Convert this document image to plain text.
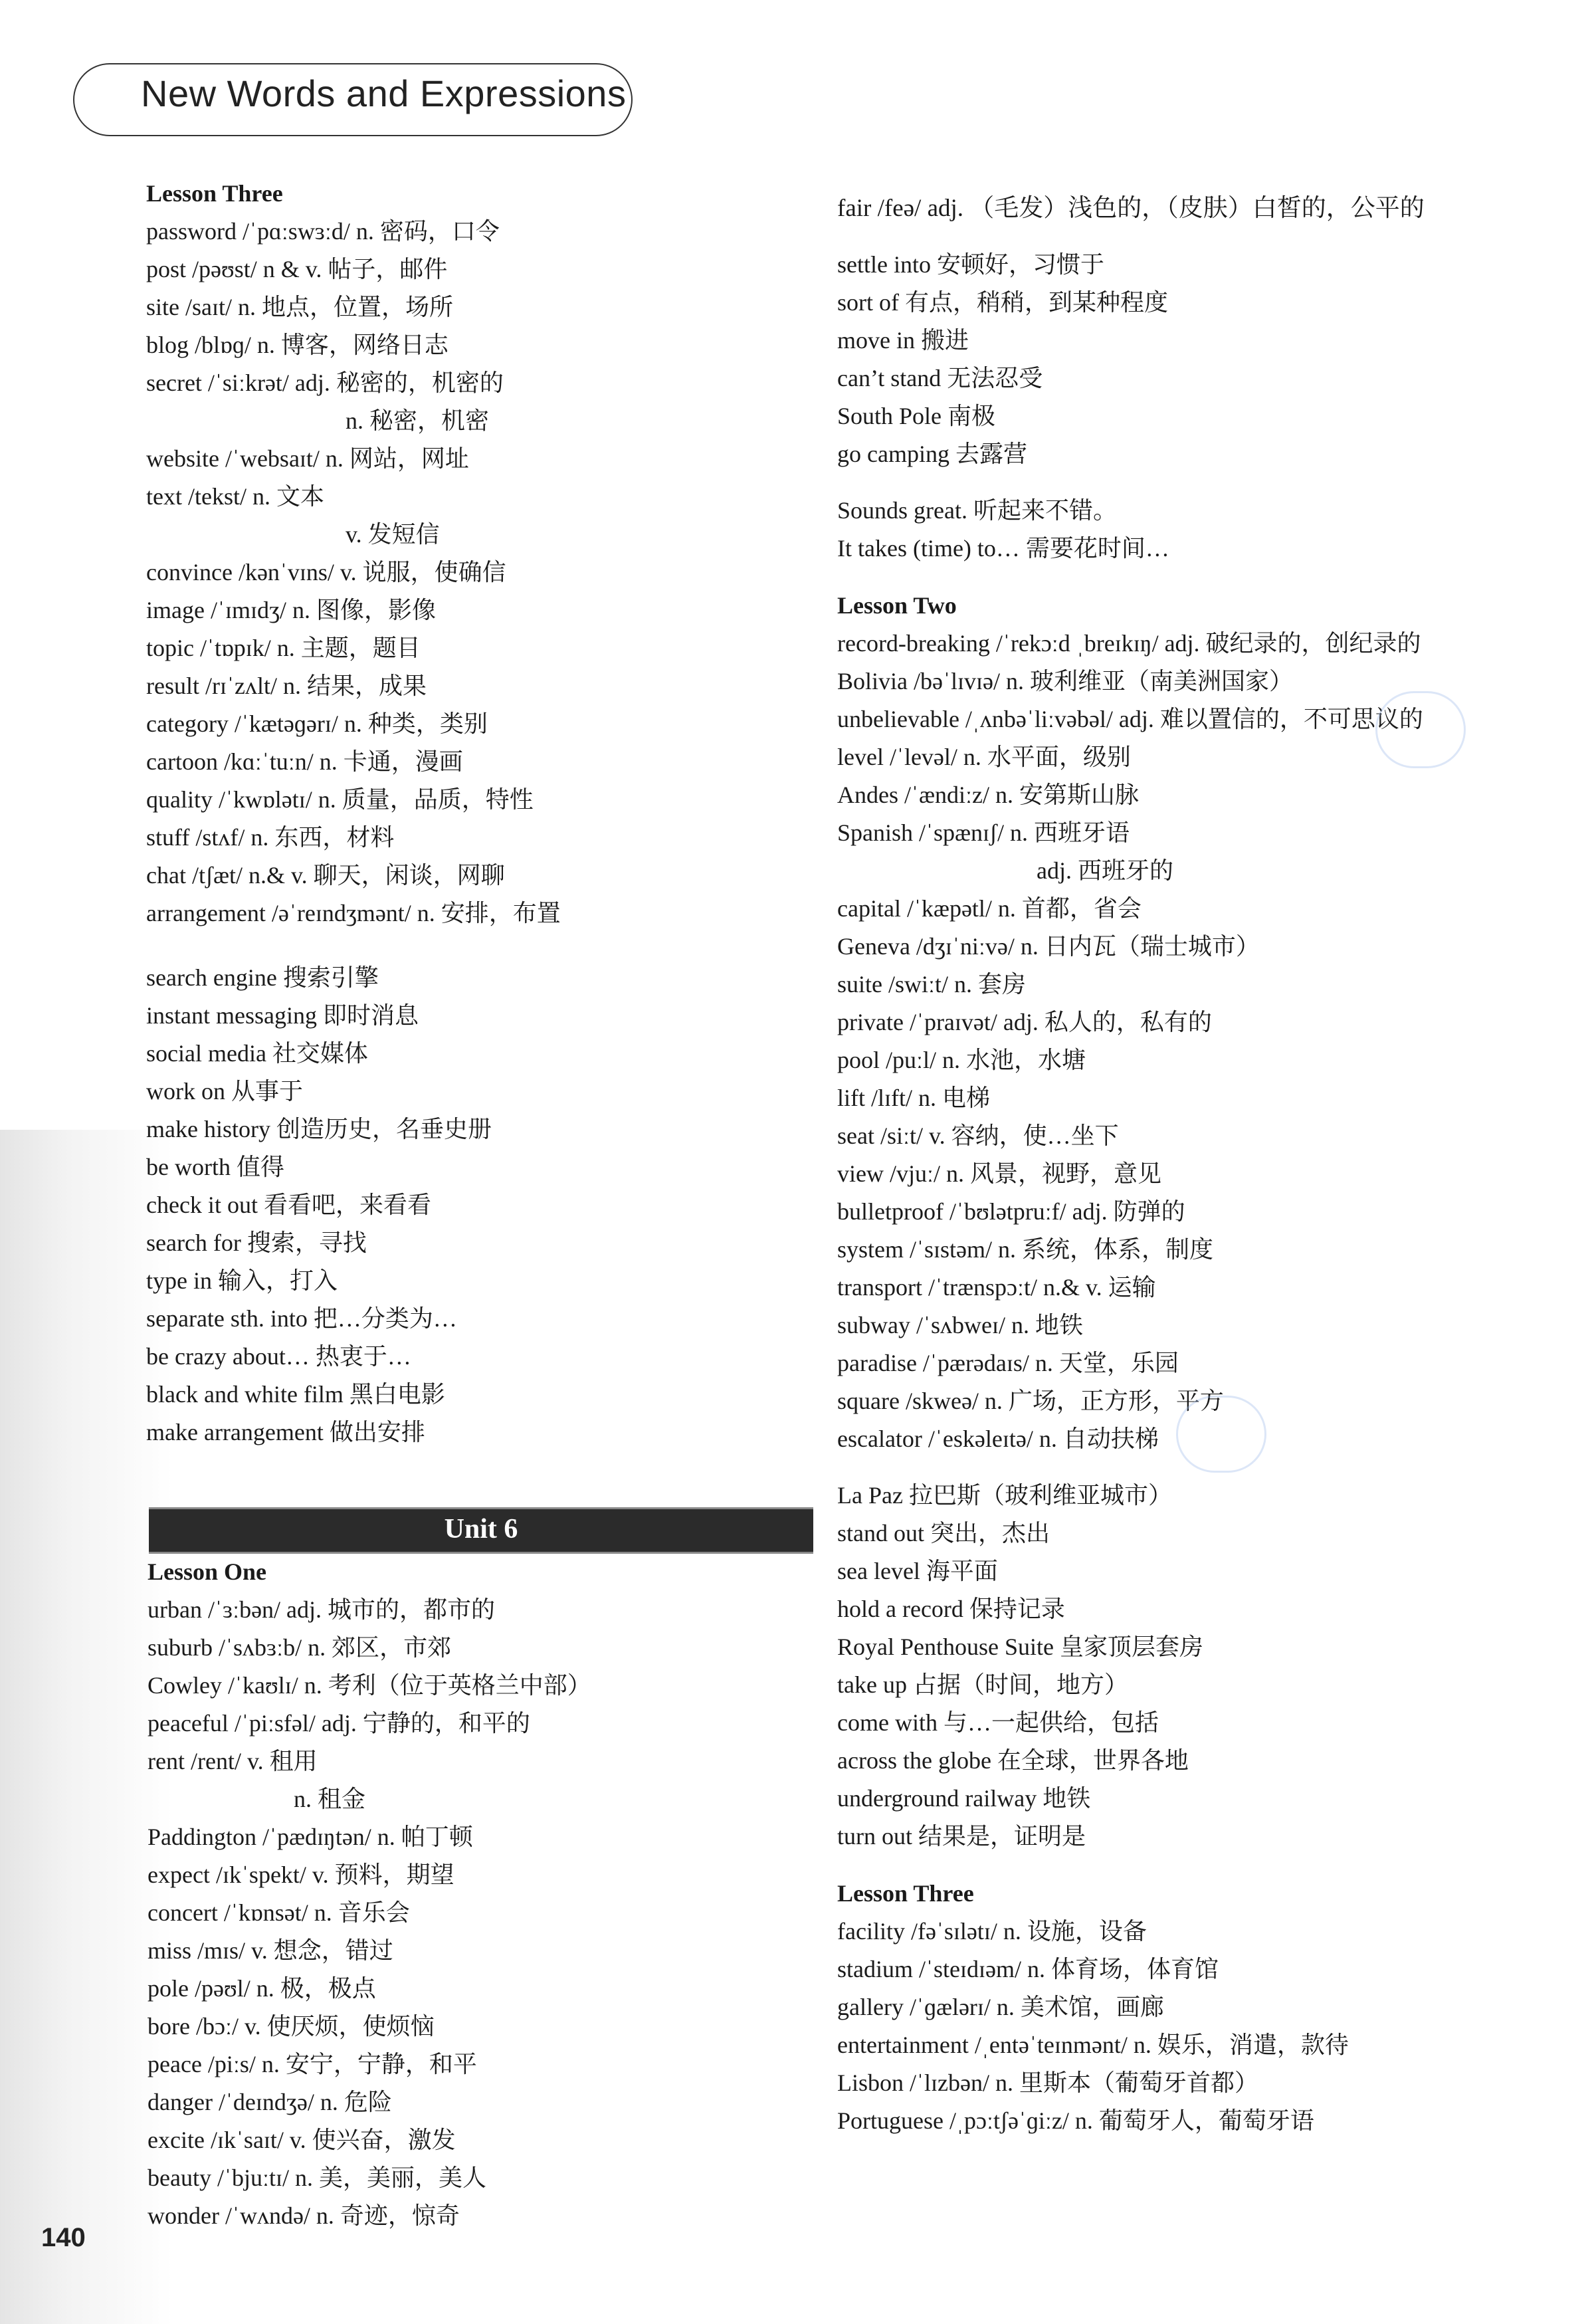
New Words and Expressions
Lesson Three
password /ˈpɑːswɜːd/ n. 密码，口令
post /pəʊst/ n & v. 帖子，邮件
site /saɪt/ n. 地点，位置，场所
blog /blɒɡ/ n. 博客，网络日志
secret /ˈsiːkrət/ adj. 秘密的，机密的
n. 秘密，机密
website /ˈwebsaɪt/ n. 网站，网址
text /tekst/ n. 文本
v. 发短信
convince /kənˈvɪns/ v. 说服，使确信
image /ˈɪmɪdʒ/ n. 图像，影像
topic /ˈtɒpɪk/ n. 主题，题目
result /rɪˈzʌlt/ n. 结果，成果
category /ˈkætəɡərɪ/ n. 种类，类别
cartoon /kɑːˈtuːn/ n. 卡通，漫画
quality /ˈkwɒlətɪ/ n. 质量，品质，特性
stuff /stʌf/ n. 东西，材料
chat /tʃæt/ n.& v. 聊天，闲谈，网聊
arrangement /əˈreɪndʒmənt/ n. 安排，布置
search engine 搜索引擎
instant messaging 即时消息
social media 社交媒体
work on 从事于
make history 创造历史，名垂史册
be worth 值得
check it out 看看吧，来看看
search for 搜索，寻找
type in 输入，打入
separate sth. into 把…分类为…
be crazy about… 热衷于…
black and white film 黑白电影
make arrangement 做出安排
Unit 6
Lesson One
urban /ˈɜːbən/ adj. 城市的，都市的
suburb /ˈsʌbɜːb/ n. 郊区，市郊
Cowley /ˈkaʊlɪ/ n. 考利（位于英格兰中部）
peaceful /ˈpiːsfəl/ adj. 宁静的，和平的
rent /rent/ v. 租用
n. 租金
Paddington /ˈpædɪŋtən/ n. 帕丁顿
expect /ɪkˈspekt/ v. 预料，期望
concert /ˈkɒnsət/ n. 音乐会
miss /mɪs/ v. 想念，错过
pole /pəʊl/ n. 极，极点
bore /bɔː/ v. 使厌烦，使烦恼
peace /piːs/ n. 安宁，宁静，和平
danger /ˈdeɪndʒə/ n. 危险
excite /ɪkˈsaɪt/ v. 使兴奋，激发
beauty /ˈbjuːtɪ/ n. 美，美丽，美人
wonder /ˈwʌndə/ n. 奇迹，惊奇
fair /feə/ adj. （毛发）浅色的，（皮肤）白皙的，公平的
settle into 安顿好，习惯于
sort of 有点，稍稍，到某种程度
move in 搬进
can’t stand 无法忍受
South Pole 南极
go camping 去露营
Sounds great. 听起来不错。
It takes (time) to… 需要花时间…
Lesson Two
record-breaking /ˈrekɔːd ˌbreɪkɪŋ/ adj. 破纪录的，创纪录的
Bolivia /bəˈlɪvɪə/ n. 玻利维亚（南美洲国家）
unbelievable /ˌʌnbəˈliːvəbəl/ adj. 难以置信的，不可思议的
level /ˈlevəl/ n. 水平面，级别
Andes /ˈændiːz/ n. 安第斯山脉
Spanish /ˈspænɪʃ/ n. 西班牙语
adj. 西班牙的
capital /ˈkæpətl/ n. 首都，省会
Geneva /dʒɪˈniːvə/ n. 日内瓦（瑞士城市）
suite /swiːt/ n. 套房
private /ˈpraɪvət/ adj. 私人的，私有的
pool /puːl/ n. 水池，水塘
lift /lɪft/ n. 电梯
seat /siːt/ v. 容纳，使…坐下
view /vjuː/ n. 风景，视野，意见
bulletproof /ˈbʊlətpruːf/ adj. 防弹的
system /ˈsɪstəm/ n. 系统，体系，制度
transport /ˈtrænspɔːt/ n.& v. 运输
subway /ˈsʌbweɪ/ n. 地铁
paradise /ˈpærədaɪs/ n. 天堂，乐园
square /skweə/ n. 广场，正方形，平方
escalator /ˈeskəleɪtə/ n. 自动扶梯
La Paz 拉巴斯（玻利维亚城市）
stand out 突出，杰出
sea level 海平面
hold a record 保持记录
Royal Penthouse Suite 皇家顶层套房
take up 占据（时间，地方）
come with 与…一起供给，包括
across the globe 在全球，世界各地
underground railway 地铁
turn out 结果是，证明是
Lesson Three
facility /fəˈsɪlətɪ/ n. 设施，设备
stadium /ˈsteɪdɪəm/ n. 体育场，体育馆
gallery /ˈɡælərɪ/ n. 美术馆，画廊
entertainment /ˌentəˈteɪnmənt/ n. 娱乐，消遣，款待
Lisbon /ˈlɪzbən/ n. 里斯本（葡萄牙首都）
Portuguese /ˌpɔːtʃəˈɡiːz/ n. 葡萄牙人，葡萄牙语
140
